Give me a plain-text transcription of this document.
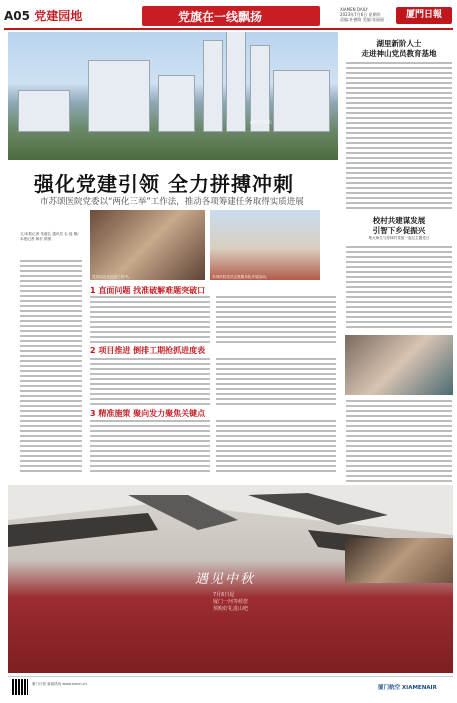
A05 党建园地	党旗在一线飘扬
XIAMEN DAILY
2023年7月6日 星期四
责编:朴德路 美编:张丽丽	厦門日報
▲市苏颂医院。
强化党建引领 全力拼搏冲刺
市苏颂医院党委以“两化三举”工作法，推动各项筹建任务取得实质进展
文/本报记者 朱道弘 通讯员 毛 瑶 图/本报记者 林东 供图
党员同志在抗疫工作中。	苏颂医院党员志愿服务队开展活动。
1 直面问题 找准破解难题突破口
2 项目推进 倒排工期抢抓进度表
3 精准施策 聚向发力聚焦关键点
湖里新阶人士
走进神山党员教育基地
校村共建谋发展
引智下乡促振兴
集大师生与淳林村党组一起过主题党日
遇见中秋
7月6日起
厦门一河等候您
预购好礼进山吧
厦门日报 新闻热线 www.xmnn.cn
厦门航空 XIAMENAIR
